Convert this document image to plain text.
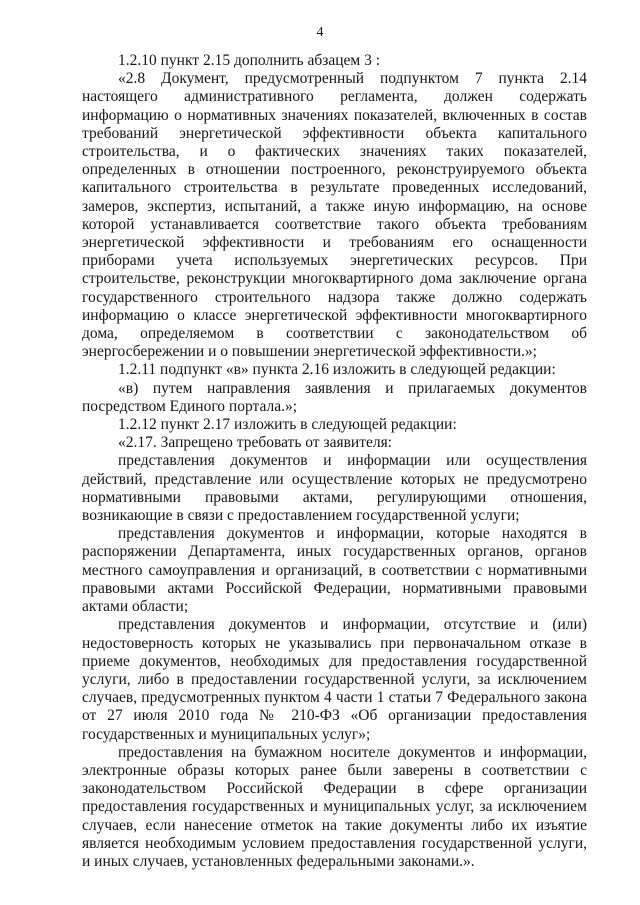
4

1.2.10 пункт 2.15 дополнить абзацем 3 :

«2.8 Документ, предусмотренный подпунктом 7 пункта 2.14 настоящего административного регламента, должен содержать информацию о нормативных значениях показателей, включенных в состав требований энергетической эффективности объекта капитального строительства, и о фактических значениях таких показателей, определенных в отношении построенного, реконструируемого объекта капитального строительства в результате проведенных исследований, замеров, экспертиз, испытаний, а также иную информацию, на основе которой устанавливается соответствие такого объекта требованиям энергетической эффективности и требованиям его оснащенности приборами учета используемых энергетических ресурсов. При строительстве, реконструкции многоквартирного дома заключение органа государственного строительного надзора также должно содержать информацию о классе энергетической эффективности многоквартирного дома, определяемом в соответствии с законодательством об энергосбережении и о повышении энергетической эффективности.»;

1.2.11 подпункт «в» пункта 2.16 изложить в следующей редакции:

«в) путем направления заявления и прилагаемых документов посредством Единого портала.»;

1.2.12 пункт 2.17 изложить в следующей редакции:

«2.17. Запрещено требовать от заявителя:

представления документов и информации или осуществления действий, представление или осуществление которых не предусмотрено нормативными правовыми актами, регулирующими отношения, возникающие в связи с предоставлением государственной услуги;

представления документов и информации, которые находятся в распоряжении Департамента, иных государственных органов, органов местного самоуправления и организаций, в соответствии с нормативными правовыми актами Российской Федерации, нормативными правовыми актами области;

представления документов и информации, отсутствие и (или) недостоверность которых не указывались при первоначальном отказе в приеме документов, необходимых для предоставления государственной услуги, либо в предоставлении государственной услуги, за исключением случаев, предусмотренных пунктом 4 части 1 статьи 7 Федерального закона от 27 июля 2010 года № 210-ФЗ «Об организации предоставления государственных и муниципальных услуг»;

предоставления на бумажном носителе документов и информации, электронные образы которых ранее были заверены в соответствии с законодательством Российской Федерации в сфере организации предоставления государственных и муниципальных услуг, за исключением случаев, если нанесение отметок на такие документы либо их изъятие является необходимым условием предоставления государственной услуги, и иных случаев, установленных федеральными законами.».
